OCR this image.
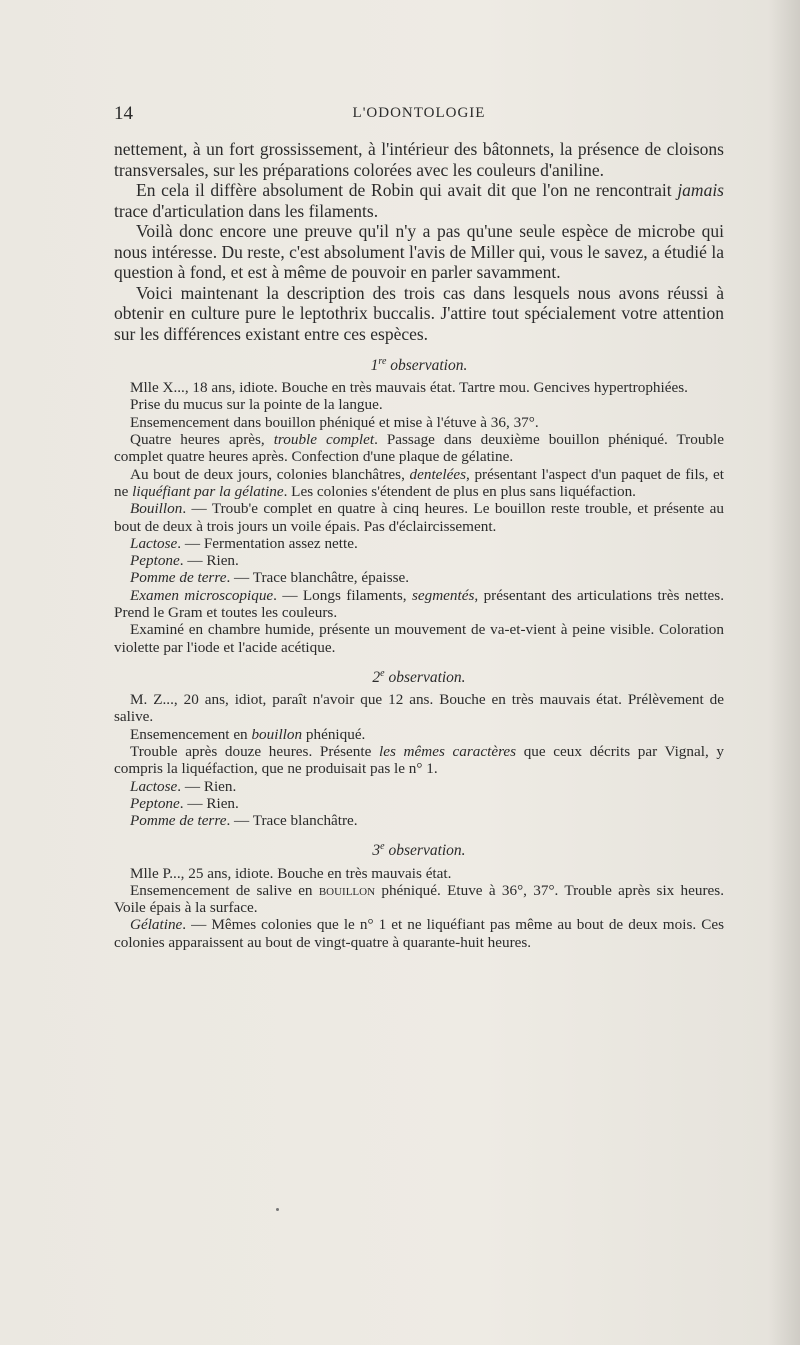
14	L'ODONTOLOGIE

nettement, à un fort grossissement, à l'intérieur des bâtonnets, la présence de cloisons transversales, sur les préparations colorées avec les couleurs d'aniline.

En cela il diffère absolument de Robin qui avait dit que l'on ne rencontrait jamais trace d'articulation dans les filaments.

Voilà donc encore une preuve qu'il n'y a pas qu'une seule espèce de microbe qui nous intéresse. Du reste, c'est absolument l'avis de Miller qui, vous le savez, a étudié la question à fond, et est à même de pouvoir en parler savamment.

Voici maintenant la description des trois cas dans lesquels nous avons réussi à obtenir en culture pure le leptothrix buccalis. J'attire tout spécialement votre attention sur les différences existant entre ces espèces.

1re observation.

Mlle X..., 18 ans, idiote. Bouche en très mauvais état. Tartre mou. Gencives hypertrophiées.

Prise du mucus sur la pointe de la langue.

Ensemencement dans bouillon phéniqué et mise à l'étuve à 36, 37°.

Quatre heures après, trouble complet. Passage dans deuxième bouillon phéniqué. Trouble complet quatre heures après. Confection d'une plaque de gélatine.

Au bout de deux jours, colonies blanchâtres, dentelées, présentant l'aspect d'un paquet de fils, et ne liquéfiant par la gélatine. Les colonies s'étendent de plus en plus sans liquéfaction.

Bouillon. — Troub'e complet en quatre à cinq heures. Le bouillon reste trouble, et présente au bout de deux à trois jours un voile épais. Pas d'éclaircissement.

Lactose. — Fermentation assez nette.

Peptone. — Rien.

Pomme de terre. — Trace blanchâtre, épaisse.

Examen microscopique. — Longs filaments, segmentés, présentant des articulations très nettes. Prend le Gram et toutes les couleurs.

Examiné en chambre humide, présente un mouvement de va-et-vient à peine visible. Coloration violette par l'iode et l'acide acétique.

2e observation.

M. Z..., 20 ans, idiot, paraît n'avoir que 12 ans. Bouche en très mauvais état. Prélèvement de salive.

Ensemencement en bouillon phéniqué.

Trouble après douze heures. Présente les mêmes caractères que ceux décrits par Vignal, y compris la liquéfaction, que ne produisait pas le n° 1.

Lactose. — Rien.

Peptone. — Rien.

Pomme de terre. — Trace blanchâtre.

3e observation.

Mlle P..., 25 ans, idiote. Bouche en très mauvais état.

Ensemencement de salive en bouillon phéniqué. Etuve à 36°, 37°. Trouble après six heures. Voile épais à la surface.

Gélatine. — Mêmes colonies que le n° 1 et ne liquéfiant pas même au bout de deux mois. Ces colonies apparaissent au bout de vingt-quatre à quarante-huit heures.
